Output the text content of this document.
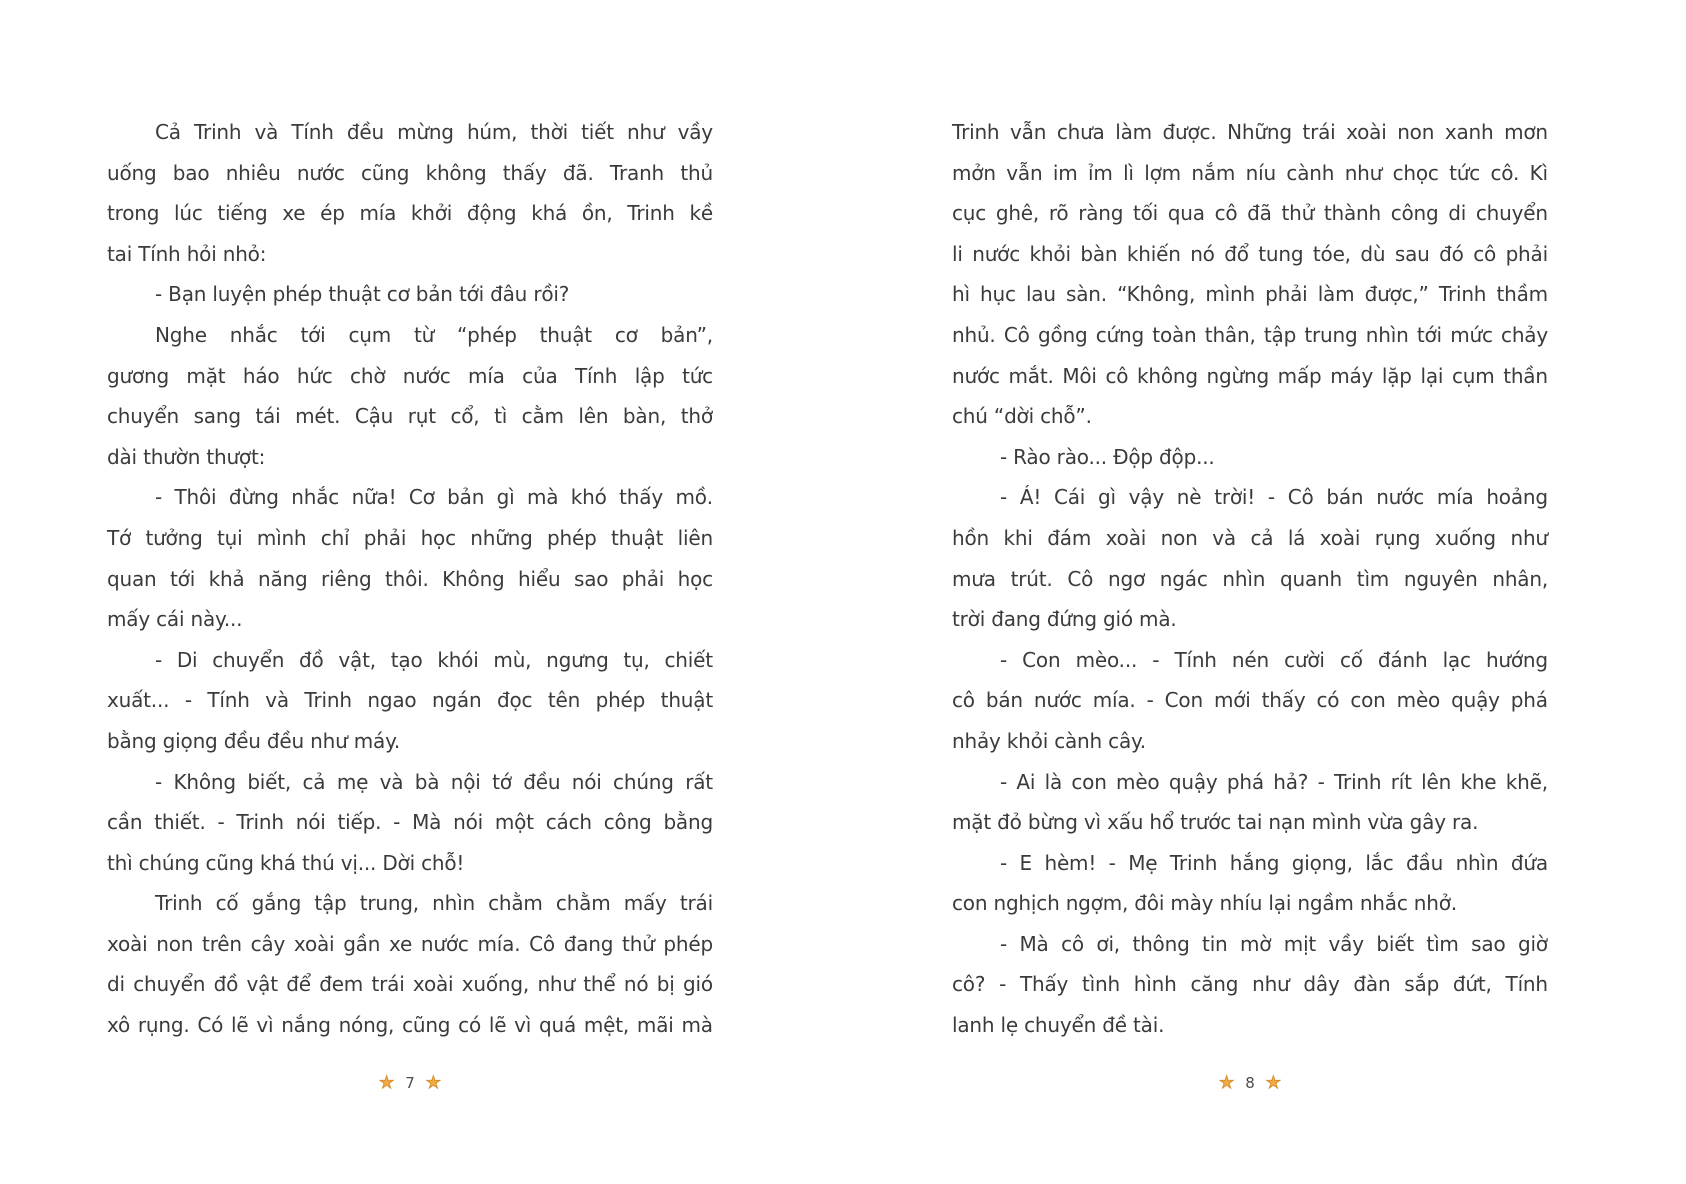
Cả Trinh và Tính đều mừng húm, thời tiết như vầy
uống bao nhiêu nước cũng không thấy đã. Tranh thủ
trong lúc tiếng xe ép mía khởi động khá ồn, Trinh kề
tai Tính hỏi nhỏ:
- Bạn luyện phép thuật cơ bản tới đâu rồi?
Nghe nhắc tới cụm từ “phép thuật cơ bản”,
gương mặt háo hức chờ nước mía của Tính lập tức
chuyển sang tái mét. Cậu rụt cổ, tì cằm lên bàn, thở
dài thườn thượt:
- Thôi đừng nhắc nữa! Cơ bản gì mà khó thấy mồ.
Tớ tưởng tụi mình chỉ phải học những phép thuật liên
quan tới khả năng riêng thôi. Không hiểu sao phải học
mấy cái này...
- Di chuyển đồ vật, tạo khói mù, ngưng tụ, chiết
xuất... - Tính và Trinh ngao ngán đọc tên phép thuật
bằng giọng đều đều như máy.
- Không biết, cả mẹ và bà nội tớ đều nói chúng rất
cần thiết. - Trinh nói tiếp. - Mà nói một cách công bằng
thì chúng cũng khá thú vị... Dời chỗ!
Trinh cố gắng tập trung, nhìn chằm chằm mấy trái
xoài non trên cây xoài gần xe nước mía. Cô đang thử phép
di chuyển đồ vật để đem trái xoài xuống, như thể nó bị gió
xô rụng. Có lẽ vì nắng nóng, cũng có lẽ vì quá mệt, mãi mà
Trinh vẫn chưa làm được. Những trái xoài non xanh mơn
mởn vẫn im ỉm lì lợm nắm níu cành như chọc tức cô. Kì
cục ghê, rõ ràng tối qua cô đã thử thành công di chuyển
li nước khỏi bàn khiến nó đổ tung tóe, dù sau đó cô phải
hì hục lau sàn. “Không, mình phải làm được,” Trinh thầm
nhủ. Cô gồng cứng toàn thân, tập trung nhìn tới mức chảy
nước mắt. Môi cô không ngừng mấp máy lặp lại cụm thần
chú “dời chỗ”.
- Rào rào... Độp độp...
- Á! Cái gì vậy nè trời! - Cô bán nước mía hoảng
hồn khi đám xoài non và cả lá xoài rụng xuống như
mưa trút. Cô ngơ ngác nhìn quanh tìm nguyên nhân,
trời đang đứng gió mà.
- Con mèo... - Tính nén cười cố đánh lạc hướng
cô bán nước mía. - Con mới thấy có con mèo quậy phá
nhảy khỏi cành cây.
- Ai là con mèo quậy phá hả? - Trinh rít lên khe khẽ,
mặt đỏ bừng vì xấu hổ trước tai nạn mình vừa gây ra.
- E hèm! - Mẹ Trinh hắng giọng, lắc đầu nhìn đứa
con nghịch ngợm, đôi mày nhíu lại ngầm nhắc nhở.
- Mà cô ơi, thông tin mờ mịt vầy biết tìm sao giờ
cô? - Thấy tình hình căng như dây đàn sắp đứt, Tính
lanh lẹ chuyển đề tài.
★ 7 ★	★ 8 ★
